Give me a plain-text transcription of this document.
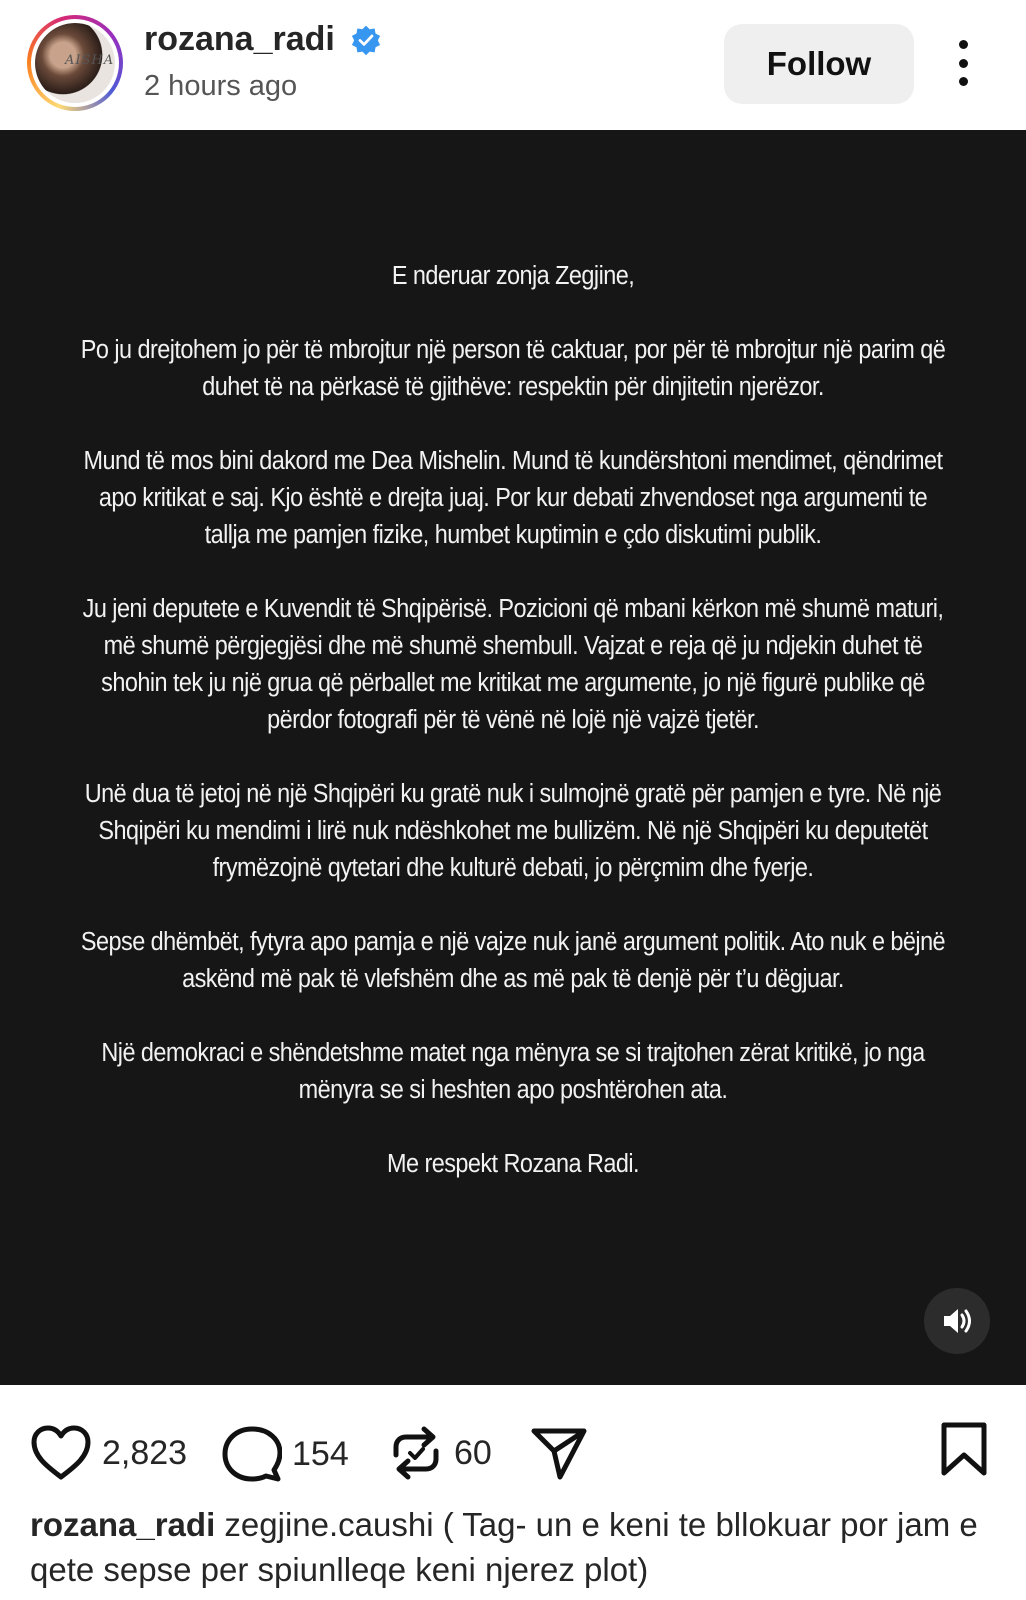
AISHA
rozana_radi
2 hours ago
Follow

E nderuar zonja Zegjine,

Po ju drejtohem jo për të mbrojtur një person të caktuar, por për të mbrojtur një parim që duhet të na përkasë të gjithëve: respektin për dinjitetin njerëzor.

Mund të mos bini dakord me Dea Mishelin. Mund të kundërshtoni mendimet, qëndrimet apo kritikat e saj. Kjo është e drejta juaj. Por kur debati zhvendoset nga argumenti te tallja me pamjen fizike, humbet kuptimin e çdo diskutimi publik.

Ju jeni deputete e Kuvendit të Shqipërisë. Pozicioni që mbani kërkon më shumë maturi, më shumë përgjegjësi dhe më shumë shembull. Vajzat e reja që ju ndjekin duhet të shohin tek ju një grua që përballet me kritikat me argumente, jo një figurë publike që përdor fotografi për të vënë në lojë një vajzë tjetër.

Unë dua të jetoj në një Shqipëri ku gratë nuk i sulmojnë gratë për pamjen e tyre. Në një Shqipëri ku mendimi i lirë nuk ndëshkohet me bullizëm. Në një Shqipëri ku deputetët frymëzojnë qytetari dhe kulturë debati, jo përçmim dhe fyerje.

Sepse dhëmbët, fytyra apo pamja e një vajze nuk janë argument politik. Ato nuk e bëjnë askënd më pak të vlefshëm dhe as më pak të denjë për t’u dëgjuar.

Një demokraci e shëndetshme matet nga mënyra se si trajtohen zërat kritikë, jo nga mënyra se si heshten apo poshtërohen ata.

Me respekt Rozana Radi.

2,823	154	60
rozana_radi zegjine.caushi ( Tag- un e keni te bllokuar por jam e qete sepse per spiunlleqe keni njerez plot)
